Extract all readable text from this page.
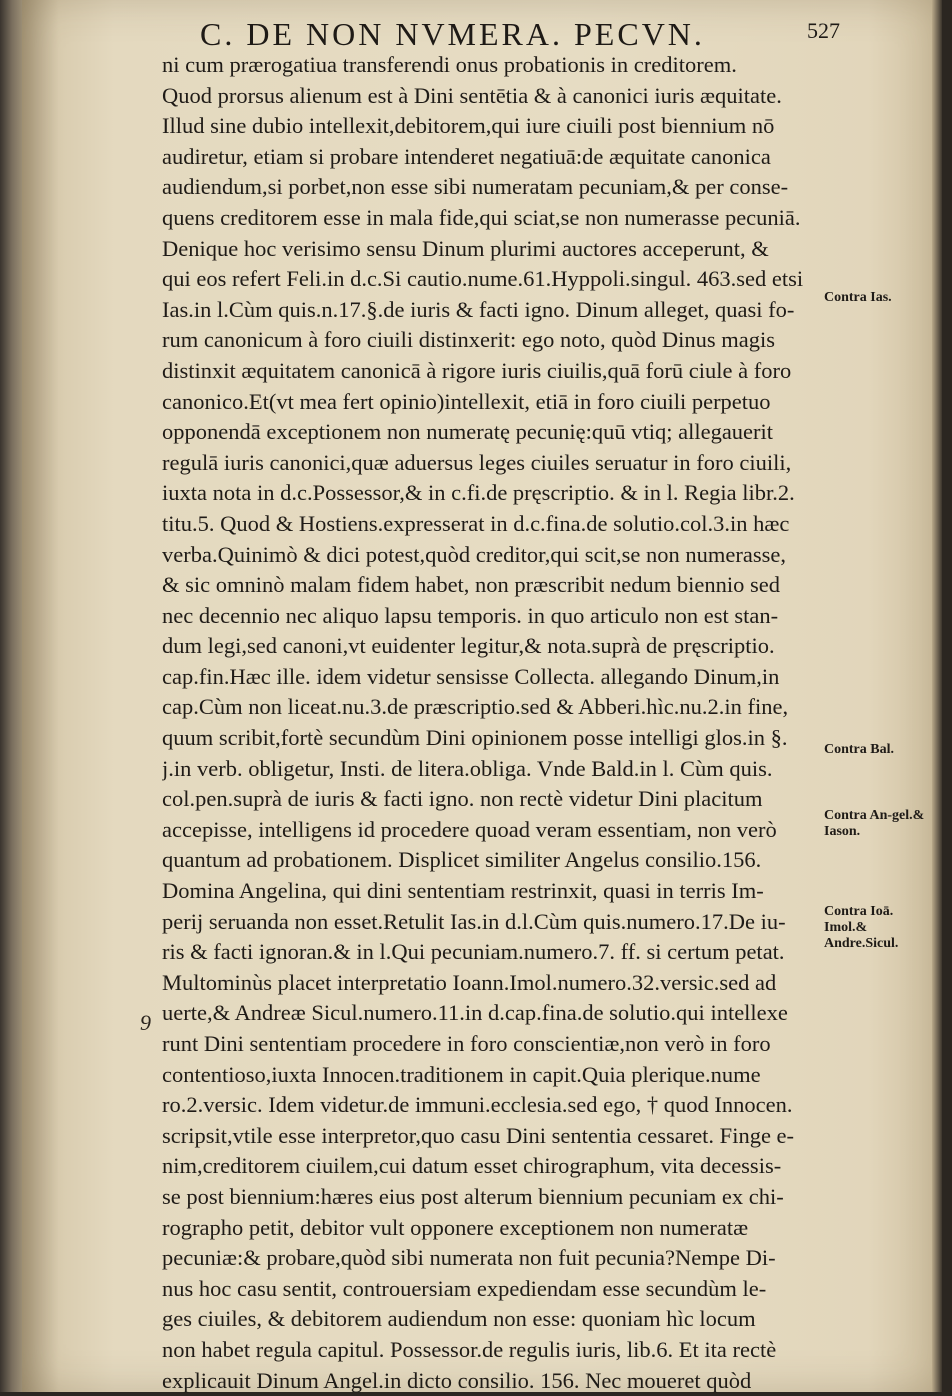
C. DE NON NVMERA. PECVN.	527
ni cum prærogatiua transferendi onus probationis in creditorem.
Quod prorsus alienum est à Dini sentētia & à canonici iuris æquitate.
Illud sine dubio intellexit,debitorem,qui iure ciuili post biennium nō
audiretur, etiam si probare intenderet negatiuā:de æquitate canonica
audiendum,si porbet,non esse sibi numeratam pecuniam,& per conse-
quens creditorem esse in mala fide,qui sciat,se non numerasse pecuniā.
Denique hoc verisimo sensu Dinum plurimi auctores acceperunt, &
qui eos refert Feli.in d.c.Si cautio.nume.61.Hyppoli.singul. 463.sed etsi
Ias.in l.Cùm quis.n.17.§.de iuris & facti igno. Dinum alleget, quasi fo-
rum canonicum à foro ciuili distinxerit: ego noto, quòd Dinus magis
distinxit æquitatem canonicā à rigore iuris ciuilis,quā forū ciule à foro
canonico.Et(vt mea fert opinio)intellexit, etiā in foro ciuili perpetuo
opponendā exceptionem non numeratę pecunię:quū vtiq; allegauerit
regulā iuris canonici,quæ aduersus leges ciuiles seruatur in foro ciuili,
iuxta nota in d.c.Possessor,& in c.fi.de pręscriptio. & in l. Regia libr.2.
titu.5. Quod & Hostiens.expresserat in d.c.fina.de solutio.col.3.in hæc
verba.Quinimò & dici potest,quòd creditor,qui scit,se non numerasse,
& sic omninò malam fidem habet, non præscribit nedum biennio sed
nec decennio nec aliquo lapsu temporis. in quo articulo non est stan-
dum legi,sed canoni,vt euidenter legitur,& nota.suprà de pręscriptio.
cap.fin.Hæc ille. idem videtur sensisse Collecta. allegando Dinum,in
cap.Cùm non liceat.nu.3.de præscriptio.sed & Abberi.hìc.nu.2.in fine,
quum scribit,fortè secundùm Dini opinionem posse intelligi glos.in §.
j.in verb. obligetur, Insti. de litera.obliga. Vnde Bald.in l. Cùm quis.
col.pen.suprà de iuris & facti igno. non rectè videtur Dini placitum
accepisse, intelligens id procedere quoad veram essentiam, non verò
quantum ad probationem. Displicet similiter Angelus consilio.156.
Domina Angelina, qui dini sententiam restrinxit, quasi in terris Im-
perij seruanda non esset.Retulit Ias.in d.l.Cùm quis.numero.17.De iu-
ris & facti ignoran.& in l.Qui pecuniam.numero.7. ff. si certum petat.
Multominùs placet interpretatio Ioann.Imol.numero.32.versic.sed ad
uerte,& Andreæ Sicul.numero.11.in d.cap.fina.de solutio.qui intellexe
runt Dini sententiam procedere in foro conscientiæ,non verò in foro
contentioso,iuxta Innocen.traditionem in capit.Quia plerique.nume
ro.2.versic. Idem videtur.de immuni.ecclesia.sed ego, † quod Innocen.
scripsit,vtile esse interpretor,quo casu Dini sententia cessaret. Finge e-
nim,creditorem ciuilem,cui datum esset chirographum, vita decessis-
se post biennium:hæres eius post alterum biennium pecuniam ex chi-
rographo petit, debitor vult opponere exceptionem non numeratæ
pecuniæ:& probare,quòd sibi numerata non fuit pecunia?Nempe Di-
nus hoc casu sentit, controuersiam expediendam esse secundùm le-
ges ciuiles, & debitorem audiendum non esse: quoniam hìc locum
non habet regula capitul. Possessor.de regulis iuris, lib.6. Et ita rectè
explicauit Dinum Angel.in dicto consilio. 156. Nec moueret quòd
9
Contra Ias.
Contra Bal.
Contra An-gel.& Iason.
Contra Ioā. Imol.& Andre.Sicul.
